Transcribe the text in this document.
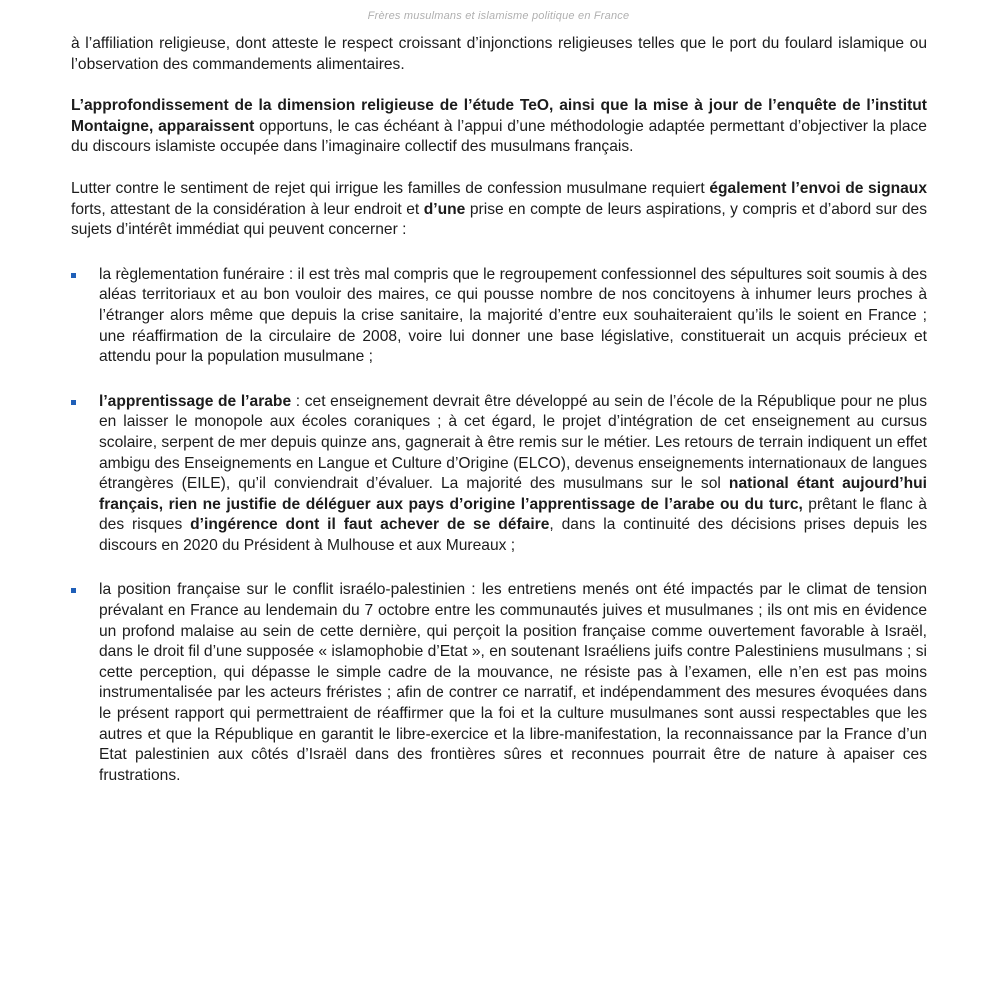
Frères musulmans et islamisme politique en France

à l’affiliation religieuse, dont atteste le respect croissant d’injonctions religieuses telles que le port du foulard islamique ou l’observation des commandements alimentaires.

L’approfondissement de la dimension religieuse de l’étude TeO, ainsi que la mise à jour de l’enquête de l’institut Montaigne, apparaissent opportuns, le cas échéant à l’appui d’une méthodologie adaptée permettant d’objectiver la place du discours islamiste occupée dans l’imaginaire collectif des musulmans français.

Lutter contre le sentiment de rejet qui irrigue les familles de confession musulmane requiert également l’envoi de signaux forts, attestant de la considération à leur endroit et d’une prise en compte de leurs aspirations, y compris et d’abord sur des sujets d’intérêt immédiat qui peuvent concerner :

la règlementation funéraire : il est très mal compris que le regroupement confessionnel des sépultures soit soumis à des aléas territoriaux et au bon vouloir des maires, ce qui pousse nombre de nos concitoyens à inhumer leurs proches à l’étranger alors même que depuis la crise sanitaire, la majorité d’entre eux souhaiteraient qu’ils le soient en France ; une réaffirmation de la circulaire de 2008, voire lui donner une base législative, constituerait un acquis précieux et attendu pour la population musulmane ;

l’apprentissage de l’arabe : cet enseignement devrait être développé au sein de l’école de la République pour ne plus en laisser le monopole aux écoles coraniques ; à cet égard, le projet d’intégration de cet enseignement au cursus scolaire, serpent de mer depuis quinze ans, gagnerait à être remis sur le métier. Les retours de terrain indiquent un effet ambigu des Enseignements en Langue et Culture d’Origine (ELCO), devenus enseignements internationaux de langues étrangères (EILE), qu’il conviendrait d’évaluer. La majorité des musulmans sur le sol national étant aujourd’hui français, rien ne justifie de déléguer aux pays d’origine l’apprentissage de l’arabe ou du turc, prêtant le flanc à des risques d’ingérence dont il faut achever de se défaire, dans la continuité des décisions prises depuis les discours en 2020 du Président à Mulhouse et aux Mureaux ;

la position française sur le conflit israélo-palestinien : les entretiens menés ont été impactés par le climat de tension prévalant en France au lendemain du 7 octobre entre les communautés juives et musulmanes ; ils ont mis en évidence un profond malaise au sein de cette dernière, qui perçoit la position française comme ouvertement favorable à Israël, dans le droit fil d’une supposée « islamophobie d’Etat », en soutenant Israéliens juifs contre Palestiniens musulmans ; si cette perception, qui dépasse le simple cadre de la mouvance, ne résiste pas à l’examen, elle n’en est pas moins instrumentalisée par les acteurs fréristes ; afin de contrer ce narratif, et indépendamment des mesures évoquées dans le présent rapport qui permettraient de réaffirmer que la foi et la culture musulmanes sont aussi respectables que les autres et que la République en garantit le libre-exercice et la libre-manifestation, la reconnaissance par la France d’un Etat palestinien aux côtés d’Israël dans des frontières sûres et reconnues pourrait être de nature à apaiser ces frustrations.
